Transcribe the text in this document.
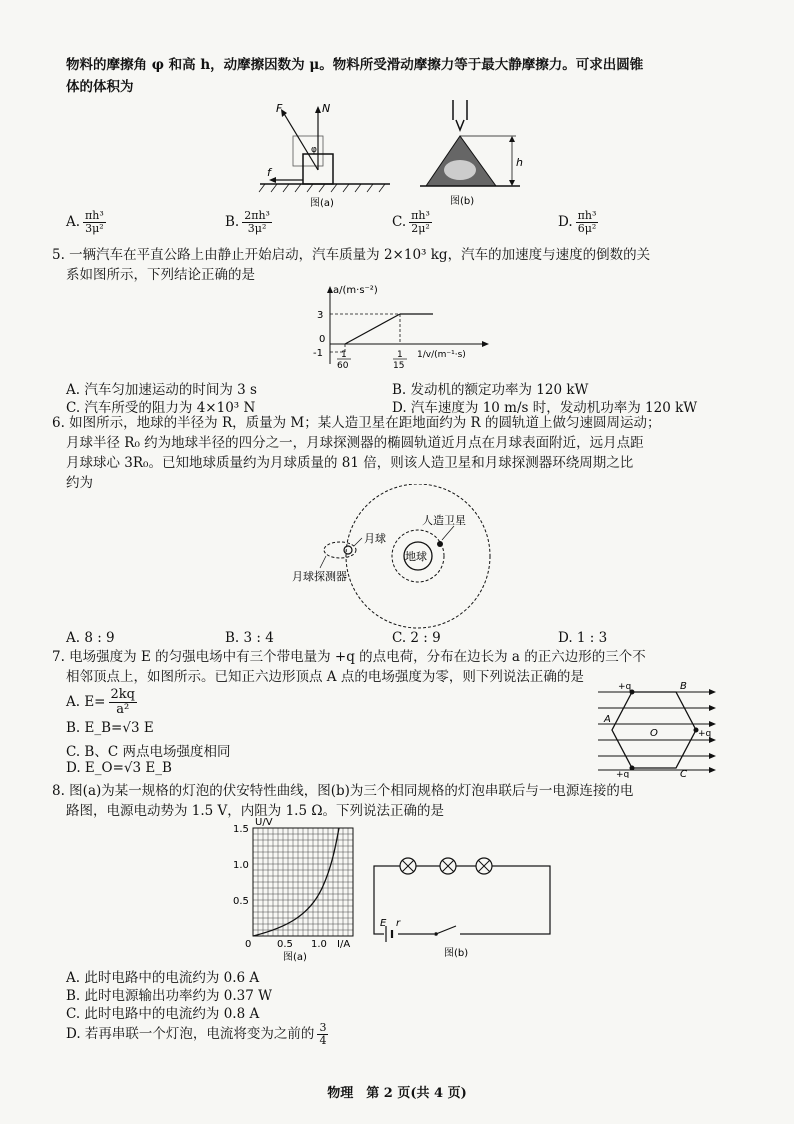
物料的摩擦角 φ 和高 h，动摩擦因数为 μ。物料所受滑动摩擦力等于最大静摩擦力。可求出圆锥
体的体积为
F	N
f
φ
图(a)
h
图(b)
A. $\frac{\text{πh³}}{\text{3μ²}}$	B. $\frac{\text{2πh³}}{\text{3μ²}}$	C. $\frac{\text{πh³}}{\text{2μ²}}$	D. $\frac{\text{πh³}}{\text{6μ²}}$
5. 一辆汽车在平直公路上由静止开始启动，汽车质量为 2×10³ kg，汽车的加速度与速度的倒数的关
系如图所示，下列结论正确的是
a/(m·s⁻²)
3
0
-1 1
60
1
15
1/v/(m⁻¹·s)
A. 汽车匀加速运动的时间为 3 s	B. 发动机的额定功率为 120 kW
C. 汽车所受的阻力为 4×10³ N	D. 汽车速度为 10 m/s 时，发动机功率为 120 kW
6. 如图所示，地球的半径为 R，质量为 M；某人造卫星在距地面约为 R 的圆轨道上做匀速圆周运动；
月球半径 R₀ 约为地球半径的四分之一，月球探测器的椭圆轨道近月点在月球表面附近，远月点距
月球球心 3R₀。已知地球质量约为月球质量的 81 倍，则该人造卫星和月球探测器环绕周期之比
约为
月球
人造卫星
地球
月球探测器
A. 8 : 9	B. 3 : 4	C. 2 : 9	D. 1 : 3
7. 电场强度为 E 的匀强电场中有三个带电量为 +q 的点电荷，分布在边长为 a 的正六边形的三个不
相邻顶点上，如图所示。已知正六边形顶点 A 点的电场强度为零，则下列说法正确的是
A. $E= \frac{2kq}{\text{a²}}$
B. E_B=√3 E
C. B、C 两点电场强度相同
D. E_O=√3 E_B
+q	B
A
O	+q
+q	C
8. 图(a)为某一规格的灯泡的伏安特性曲线，图(b)为三个相同规格的灯泡串联后与一电源连接的电
路图，电源电动势为 1.5 V，内阻为 1.5 Ω。下列说法正确的是
U/V
1.5
1.0
0.5
0	0.5 1.0 I/A
图(a)
E r
图(b)
A. 此时电路中的电流约为 0.6 A
B. 此时电源输出功率约为 0.37 W
C. 此时电路中的电流约为 0.8 A
D. 若再串联一个灯泡，电流将变为之前的 $\frac{3}{4}$
物理　第 2 页(共 4 页)
